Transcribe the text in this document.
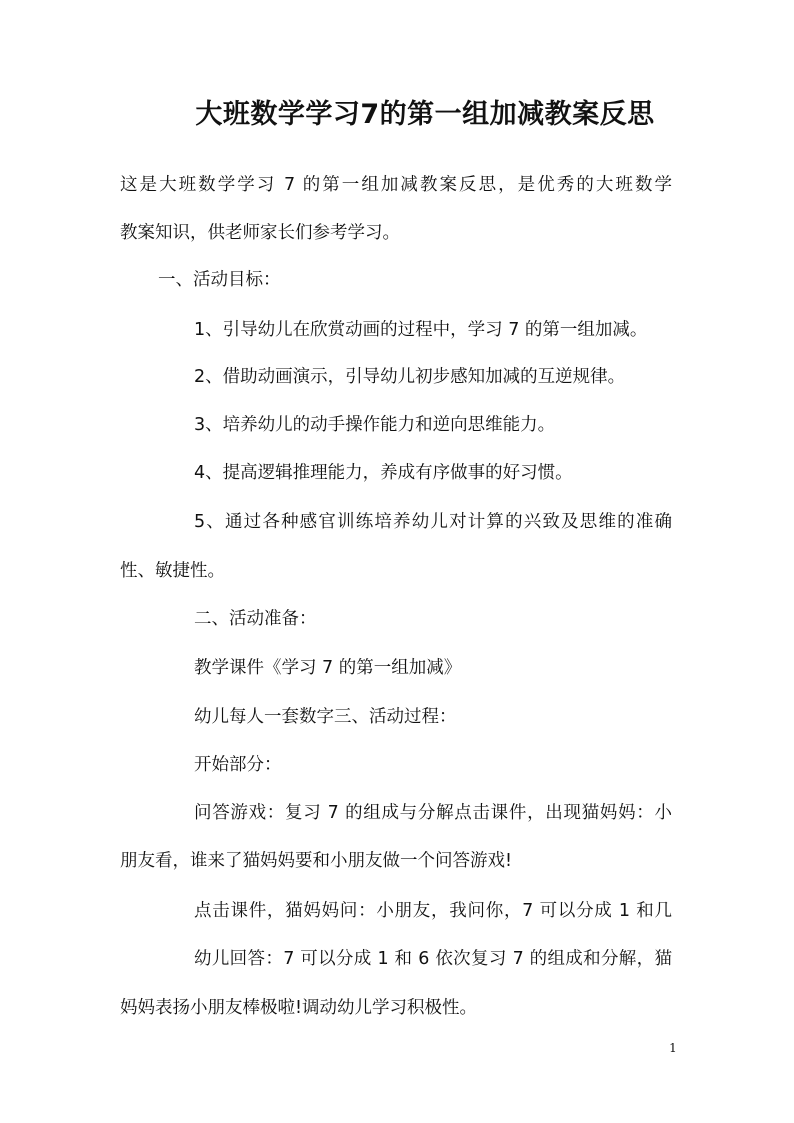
大班数学学习7的第一组加减教案反思
这是大班数学学习 7 的第一组加减教案反思，是优秀的大班数学
教案知识，供老师家长们参考学习。
一、活动目标：
1、引导幼儿在欣赏动画的过程中，学习 7 的第一组加减。
2、借助动画演示，引导幼儿初步感知加减的互逆规律。
3、培养幼儿的动手操作能力和逆向思维能力。
4、提高逻辑推理能力，养成有序做事的好习惯。
5、通过各种感官训练培养幼儿对计算的兴致及思维的准确
性、敏捷性。
二、活动准备：
教学课件《学习 7 的第一组加减》
幼儿每人一套数字三、活动过程：
开始部分：
问答游戏：复习 7 的组成与分解点击课件，出现猫妈妈：小
朋友看，谁来了猫妈妈要和小朋友做一个问答游戏!
点击课件，猫妈妈问：小朋友，我问你，7 可以分成 1 和几
幼儿回答：7 可以分成 1 和 6 依次复习 7 的组成和分解，猫
妈妈表扬小朋友棒极啦!调动幼儿学习积极性。
1
